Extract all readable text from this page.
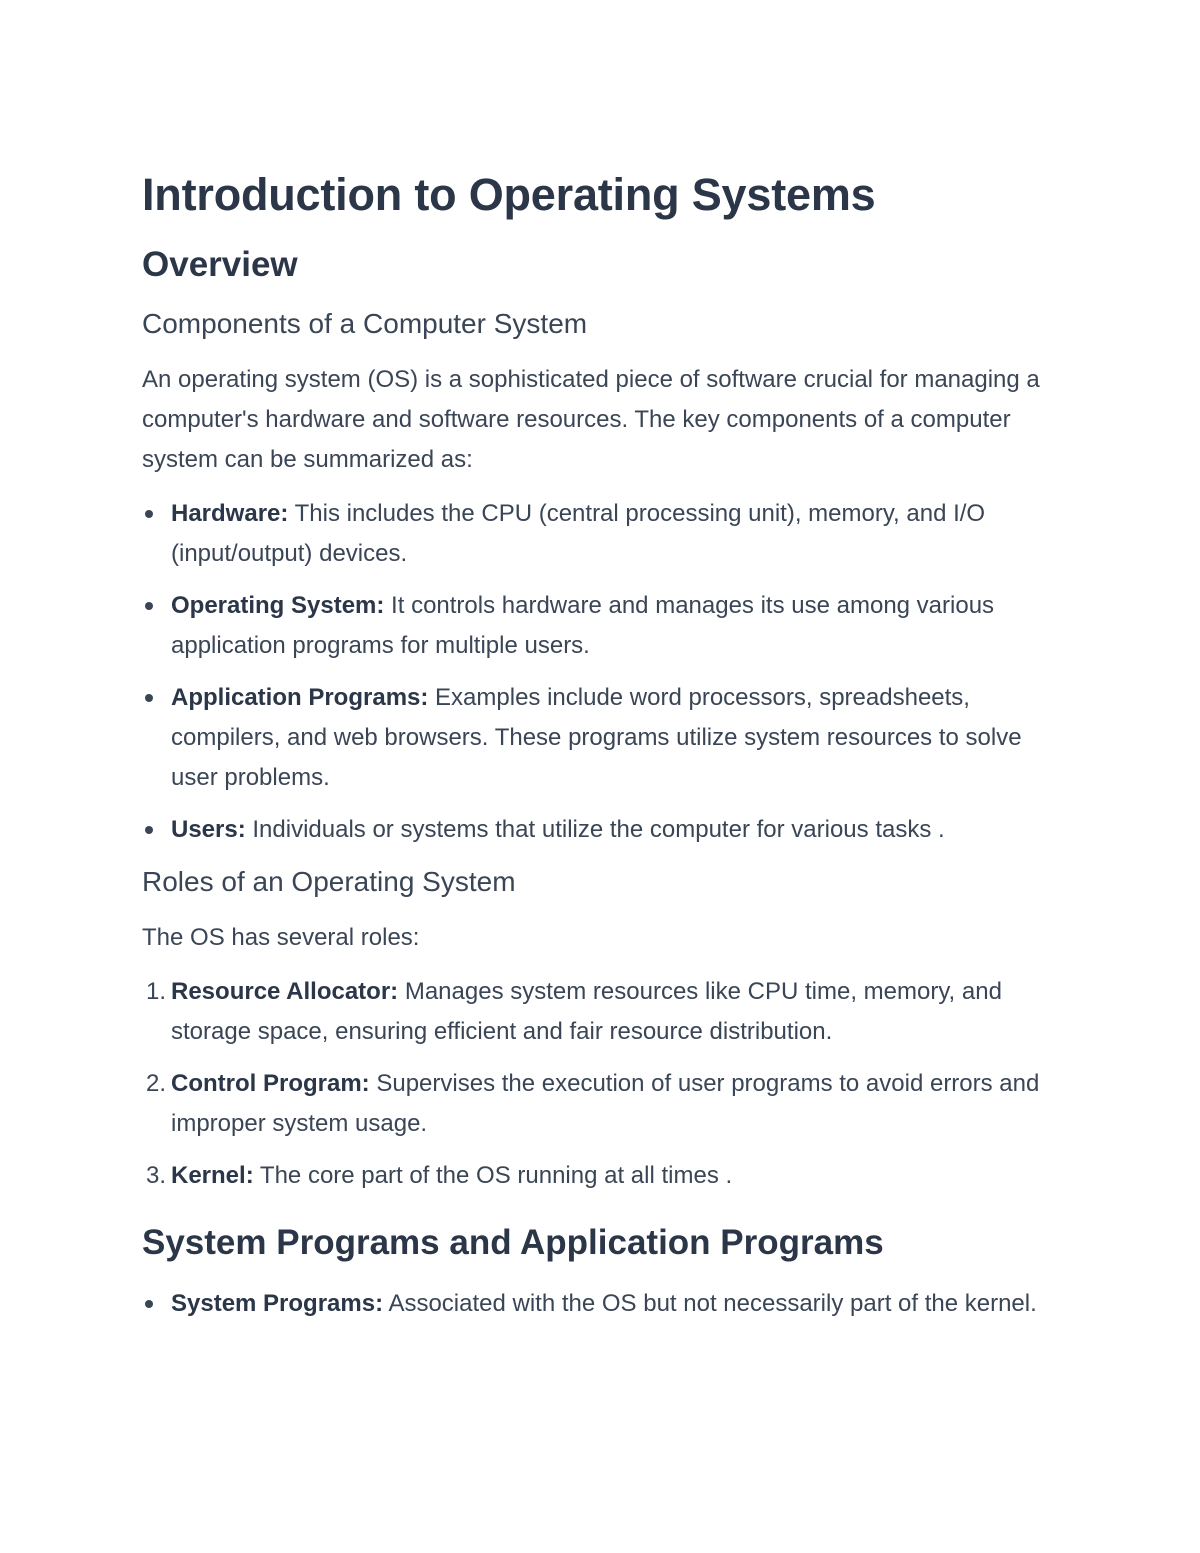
Introduction to Operating Systems
Overview
Components of a Computer System

An operating system (OS) is a sophisticated piece of software crucial for managing a computer's hardware and software resources. The key components of a computer system can be summarized as:

Hardware: This includes the CPU (central processing unit), memory, and I/O (input/output) devices.
Operating System: It controls hardware and manages its use among various application programs for multiple users.
Application Programs: Examples include word processors, spreadsheets, compilers, and web browsers. These programs utilize system resources to solve user problems.
Users: Individuals or systems that utilize the computer for various tasks .
Roles of an Operating System

The OS has several roles:

1. Resource Allocator: Manages system resources like CPU time, memory, and storage space, ensuring efficient and fair resource distribution.
2. Control Program: Supervises the execution of user programs to avoid errors and improper system usage.
3. Kernel: The core part of the OS running at all times .
System Programs and Application Programs
System Programs: Associated with the OS but not necessarily part of the kernel.
